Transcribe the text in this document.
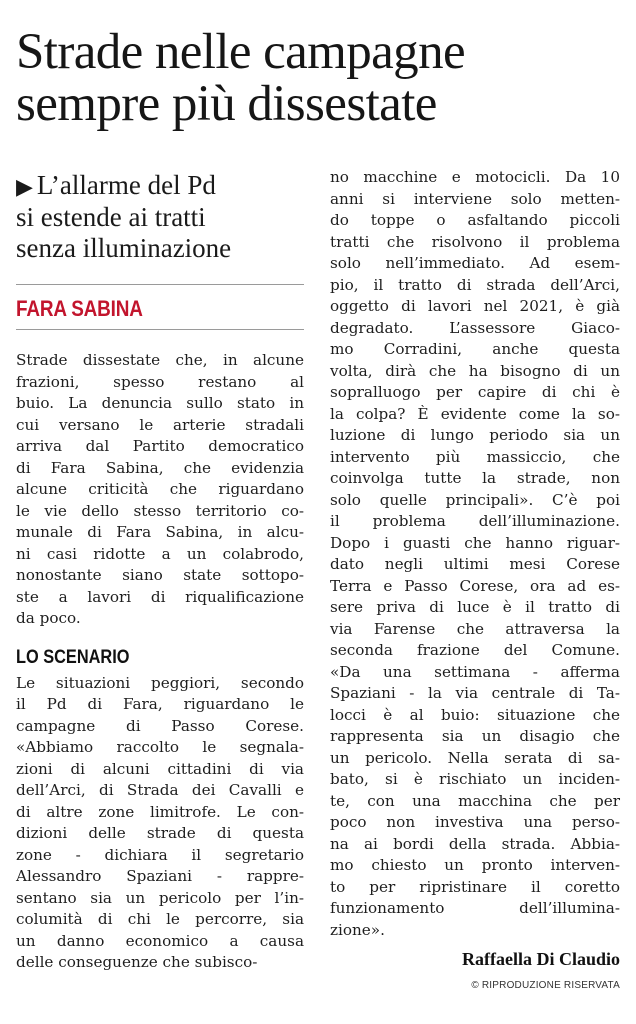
Strade nelle campagne
sempre più dissestate

▶ L’allarme del Pd
si estende ai tratti
senza illuminazione

FARA SABINA
Strade dissestate che, in alcune
frazioni, spesso restano al
buio. La denuncia sullo stato in
cui versano le arterie stradali
arriva dal Partito democratico
di Fara Sabina, che evidenzia
alcune criticità che riguardano
le vie dello stesso territorio co-
munale di Fara Sabina, in alcu-
ni casi ridotte a un colabrodo,
nonostante siano state sottopo-
ste a lavori di riqualificazione
da poco.
LO SCENARIO
Le situazioni peggiori, secondo
il Pd di Fara, riguardano le
campagne di Passo Corese.
«Abbiamo raccolto le segnala-
zioni di alcuni cittadini di via
dell’Arci, di Strada dei Cavalli e
di altre zone limitrofe. Le con-
dizioni delle strade di questa
zone - dichiara il segretario
Alessandro Spaziani - rappre-
sentano sia un pericolo per l’in-
columità di chi le percorre, sia
un danno economico a causa
delle conseguenze che subisco-
no macchine e motocicli. Da 10
anni si interviene solo metten-
do toppe o asfaltando piccoli
tratti che risolvono il problema
solo nell’immediato. Ad esem-
pio, il tratto di strada dell’Arci,
oggetto di lavori nel 2021, è già
degradato. L’assessore Giaco-
mo Corradini, anche questa
volta, dirà che ha bisogno di un
sopralluogo per capire di chi è
la colpa? È evidente come la so-
luzione di lungo periodo sia un
intervento più massiccio, che
coinvolga tutte la strade, non
solo quelle principali». C’è poi
il problema dell’illuminazione.
Dopo i guasti che hanno riguar-
dato negli ultimi mesi Corese
Terra e Passo Corese, ora ad es-
sere priva di luce è il tratto di
via Farense che attraversa la
seconda frazione del Comune.
«Da una settimana - afferma
Spaziani - la via centrale di Ta-
locci è al buio: situazione che
rappresenta sia un disagio che
un pericolo. Nella serata di sa-
bato, si è rischiato un inciden-
te, con una macchina che per
poco non investiva una perso-
na ai bordi della strada. Abbia-
mo chiesto un pronto interven-
to per ripristinare il coretto
funzionamento dell’illumina-
zione».
Raffaella Di Claudio
© RIPRODUZIONE RISERVATA
